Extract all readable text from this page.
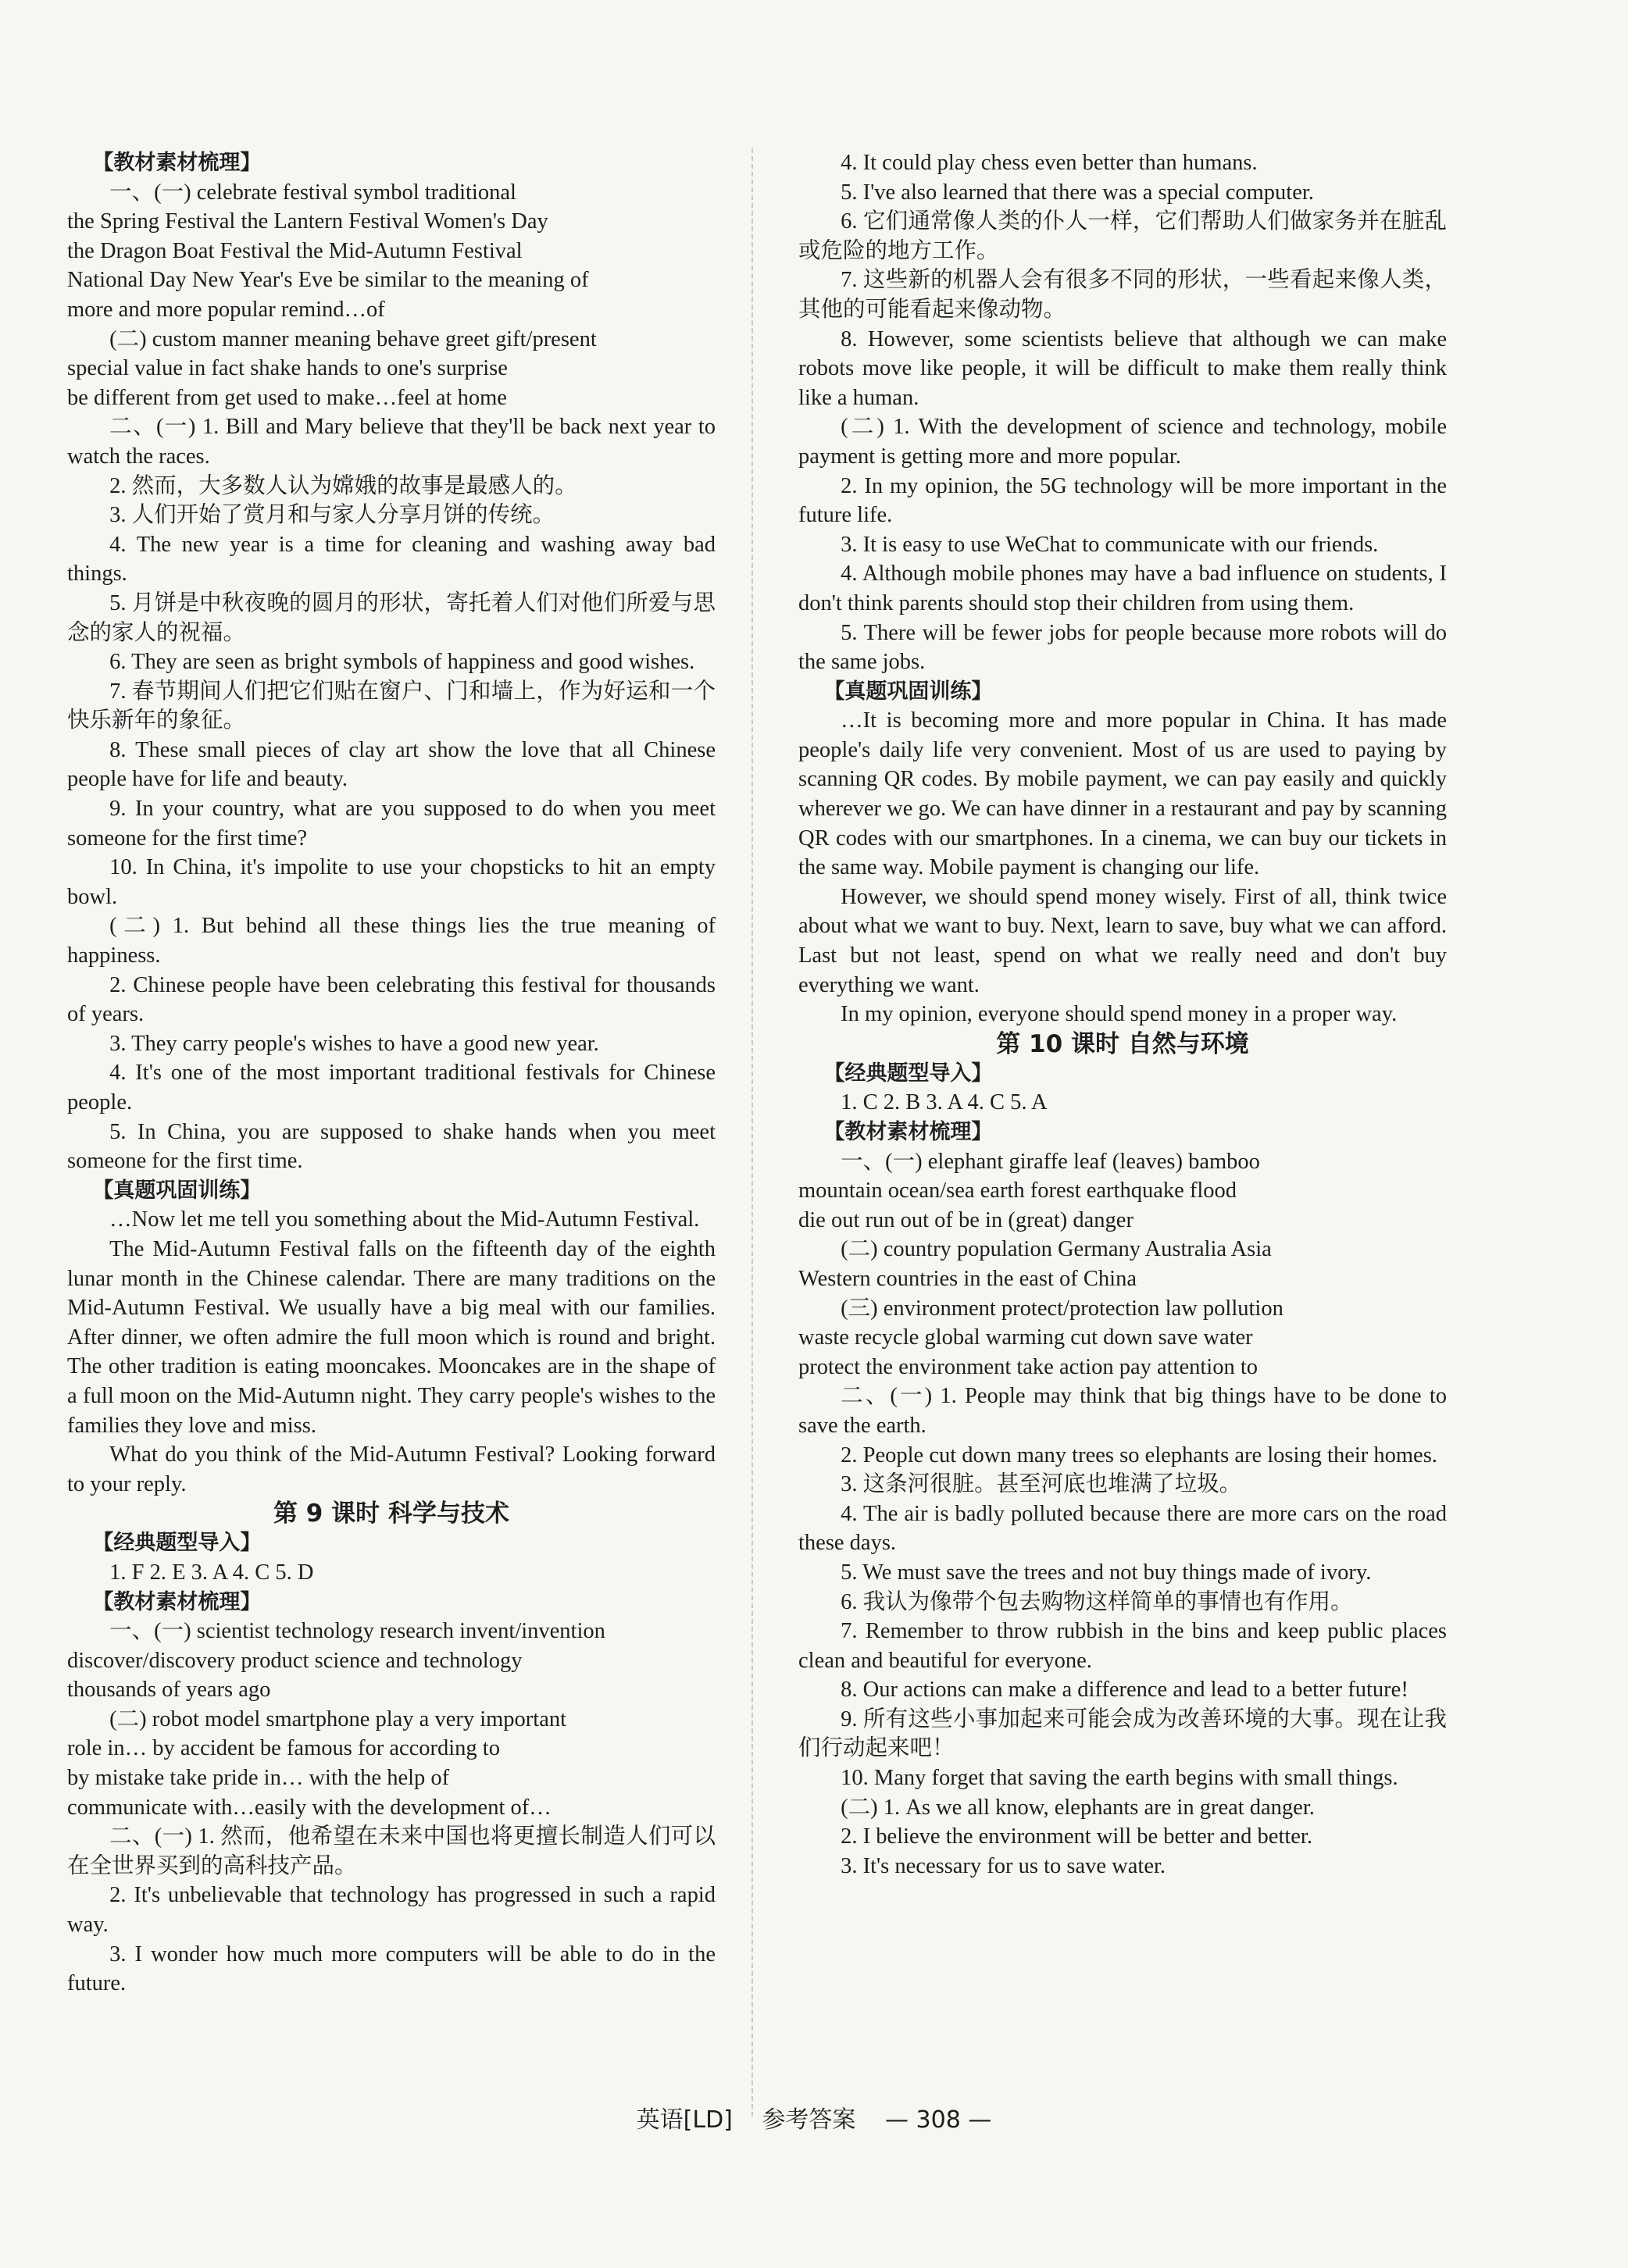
【教材素材梳理】

一、(一) celebrate festival symbol traditional

the Spring Festival the Lantern Festival Women's Day

the Dragon Boat Festival the Mid-Autumn Festival

National Day New Year's Eve be similar to the meaning of

more and more popular remind…of

(二) custom manner meaning behave greet gift/present

special value in fact shake hands to one's surprise

be different from get used to make…feel at home

二、(一) 1. Bill and Mary believe that they'll be back next year to watch the races.

2. 然而，大多数人认为嫦娥的故事是最感人的。

3. 人们开始了赏月和与家人分享月饼的传统。

4. The new year is a time for cleaning and washing away bad things.

5. 月饼是中秋夜晚的圆月的形状，寄托着人们对他们所爱与思念的家人的祝福。

6. They are seen as bright symbols of happiness and good wishes.

7. 春节期间人们把它们贴在窗户、门和墙上，作为好运和一个快乐新年的象征。

8. These small pieces of clay art show the love that all Chinese people have for life and beauty.

9. In your country, what are you supposed to do when you meet someone for the first time?

10. In China, it's impolite to use your chopsticks to hit an empty bowl.

(二) 1. But behind all these things lies the true meaning of happiness.

2. Chinese people have been celebrating this festival for thousands of years.

3. They carry people's wishes to have a good new year.

4. It's one of the most important traditional festivals for Chinese people.

5. In China, you are supposed to shake hands when you meet someone for the first time.

【真题巩固训练】

…Now let me tell you something about the Mid-Autumn Festival.

The Mid-Autumn Festival falls on the fifteenth day of the eighth lunar month in the Chinese calendar. There are many traditions on the Mid-Autumn Festival. We usually have a big meal with our families. After dinner, we often admire the full moon which is round and bright. The other tradition is eating mooncakes. Mooncakes are in the shape of a full moon on the Mid-Autumn night. They carry people's wishes to the families they love and miss.

What do you think of the Mid-Autumn Festival? Looking forward to your reply.

第 9 课时 科学与技术

【经典题型导入】

1. F 2. E 3. A 4. C 5. D

【教材素材梳理】

一、(一) scientist technology research invent/invention

discover/discovery product science and technology

thousands of years ago

(二) robot model smartphone play a very important

role in… by accident be famous for according to

by mistake take pride in… with the help of

communicate with…easily with the development of…

二、(一) 1. 然而，他希望在未来中国也将更擅长制造人们可以在全世界买到的高科技产品。

2. It's unbelievable that technology has progressed in such a rapid way.

3. I wonder how much more computers will be able to do in the future.

4. It could play chess even better than humans.

5. I've also learned that there was a special computer.

6. 它们通常像人类的仆人一样，它们帮助人们做家务并在脏乱或危险的地方工作。

7. 这些新的机器人会有很多不同的形状，一些看起来像人类，其他的可能看起来像动物。

8. However, some scientists believe that although we can make robots move like people, it will be difficult to make them really think like a human.

(二) 1. With the development of science and technology, mobile payment is getting more and more popular.

2. In my opinion, the 5G technology will be more important in the future life.

3. It is easy to use WeChat to communicate with our friends.

4. Although mobile phones may have a bad influence on students, I don't think parents should stop their children from using them.

5. There will be fewer jobs for people because more robots will do the same jobs.

【真题巩固训练】

…It is becoming more and more popular in China. It has made people's daily life very convenient. Most of us are used to paying by scanning QR codes. By mobile payment, we can pay easily and quickly wherever we go. We can have dinner in a restaurant and pay by scanning QR codes with our smartphones. In a cinema, we can buy our tickets in the same way. Mobile payment is changing our life.

However, we should spend money wisely. First of all, think twice about what we want to buy. Next, learn to save, buy what we can afford. Last but not least, spend on what we really need and don't buy everything we want.

In my opinion, everyone should spend money in a proper way.

第 10 课时 自然与环境

【经典题型导入】

1. C 2. B 3. A 4. C 5. A

【教材素材梳理】

一、(一) elephant giraffe leaf (leaves) bamboo

mountain ocean/sea earth forest earthquake flood

die out run out of be in (great) danger

(二) country population Germany Australia Asia

Western countries in the east of China

(三) environment protect/protection law pollution

waste recycle global warming cut down save water

protect the environment take action pay attention to

二、(一) 1. People may think that big things have to be done to save the earth.

2. People cut down many trees so elephants are losing their homes.

3. 这条河很脏。甚至河底也堆满了垃圾。

4. The air is badly polluted because there are more cars on the road these days.

5. We must save the trees and not buy things made of ivory.

6. 我认为像带个包去购物这样简单的事情也有作用。

7. Remember to throw rubbish in the bins and keep public places clean and beautiful for everyone.

8. Our actions can make a difference and lead to a better future!

9. 所有这些小事加起来可能会成为改善环境的大事。现在让我们行动起来吧！

10. Many forget that saving the earth begins with small things.

(二) 1. As we all know, elephants are in great danger.

2. I believe the environment will be better and better.

3. It's necessary for us to save water.

英语[LD] 参考答案 — 308 —
